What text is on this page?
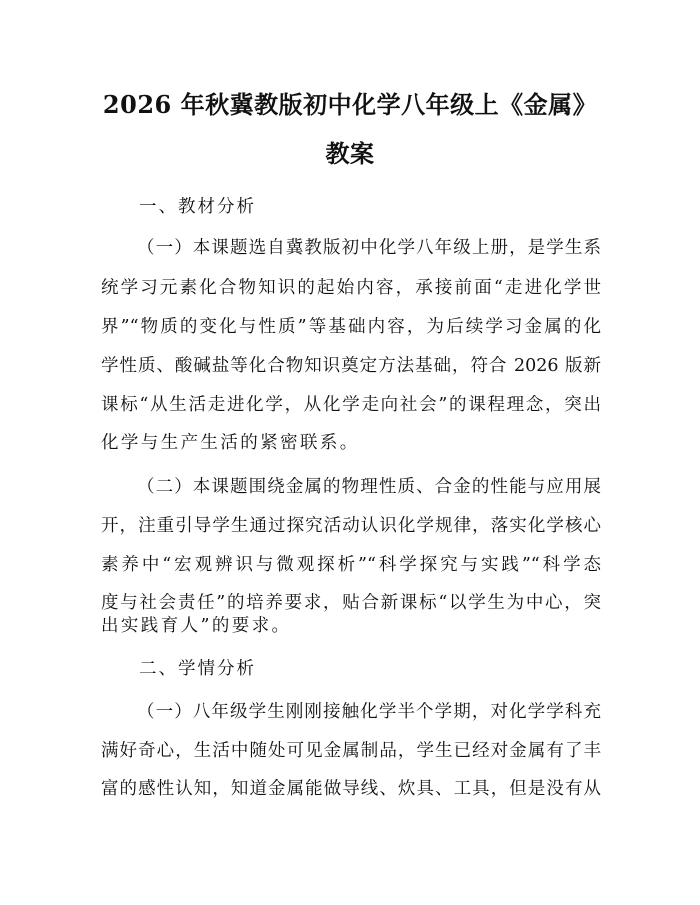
2026 年秋冀教版初中化学八年级上《金属》
教案
一、教材分析
（一）本课题选自冀教版初中化学八年级上册，是学生系
统学习元素化合物知识的起始内容，承接前面“走进化学世
界”“物质的变化与性质”等基础内容，为后续学习金属的化
学性质、酸碱盐等化合物知识奠定方法基础，符合 2026 版新
课标“从生活走进化学，从化学走向社会”的课程理念，突出
化学与生产生活的紧密联系。
（二）本课题围绕金属的物理性质、合金的性能与应用展
开，注重引导学生通过探究活动认识化学规律，落实化学核心
素养中“宏观辨识与微观探析”“科学探究与实践”“科学态
度与社会责任”的培养要求，贴合新课标“以学生为中心，突
出实践育人”的要求。
二、学情分析
（一）八年级学生刚刚接触化学半个学期，对化学学科充
满好奇心，生活中随处可见金属制品，学生已经对金属有了丰
富的感性认知，知道金属能做导线、炊具、工具，但是没有从
